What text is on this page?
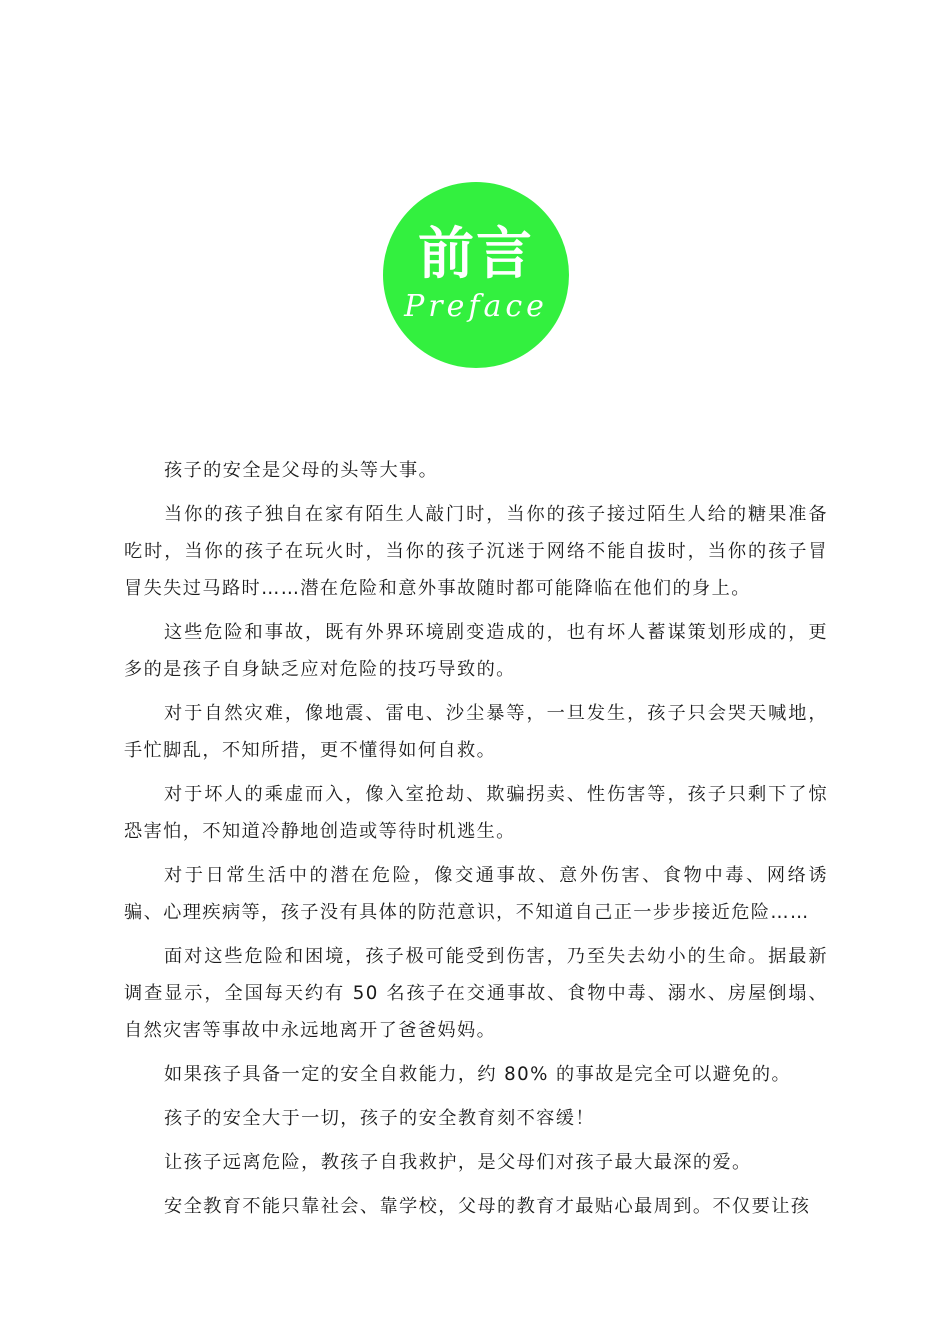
前言
Preface

孩子的安全是父母的头等大事。

当你的孩子独自在家有陌生人敲门时，当你的孩子接过陌生人给的糖果准备吃时，当你的孩子在玩火时，当你的孩子沉迷于网络不能自拔时，当你的孩子冒冒失失过马路时……潜在危险和意外事故随时都可能降临在他们的身上。

这些危险和事故，既有外界环境剧变造成的，也有坏人蓄谋策划形成的，更多的是孩子自身缺乏应对危险的技巧导致的。

对于自然灾难，像地震、雷电、沙尘暴等，一旦发生，孩子只会哭天喊地，手忙脚乱，不知所措，更不懂得如何自救。

对于坏人的乘虚而入，像入室抢劫、欺骗拐卖、性伤害等，孩子只剩下了惊恐害怕，不知道冷静地创造或等待时机逃生。

对于日常生活中的潜在危险，像交通事故、意外伤害、食物中毒、网络诱骗、心理疾病等，孩子没有具体的防范意识，不知道自己正一步步接近危险……

面对这些危险和困境，孩子极可能受到伤害，乃至失去幼小的生命。据最新调查显示，全国每天约有 50 名孩子在交通事故、食物中毒、溺水、房屋倒塌、自然灾害等事故中永远地离开了爸爸妈妈。

如果孩子具备一定的安全自救能力，约 80% 的事故是完全可以避免的。

孩子的安全大于一切，孩子的安全教育刻不容缓！

让孩子远离危险，教孩子自我救护，是父母们对孩子最大最深的爱。

安全教育不能只靠社会、靠学校，父母的教育才最贴心最周到。不仅要让孩
